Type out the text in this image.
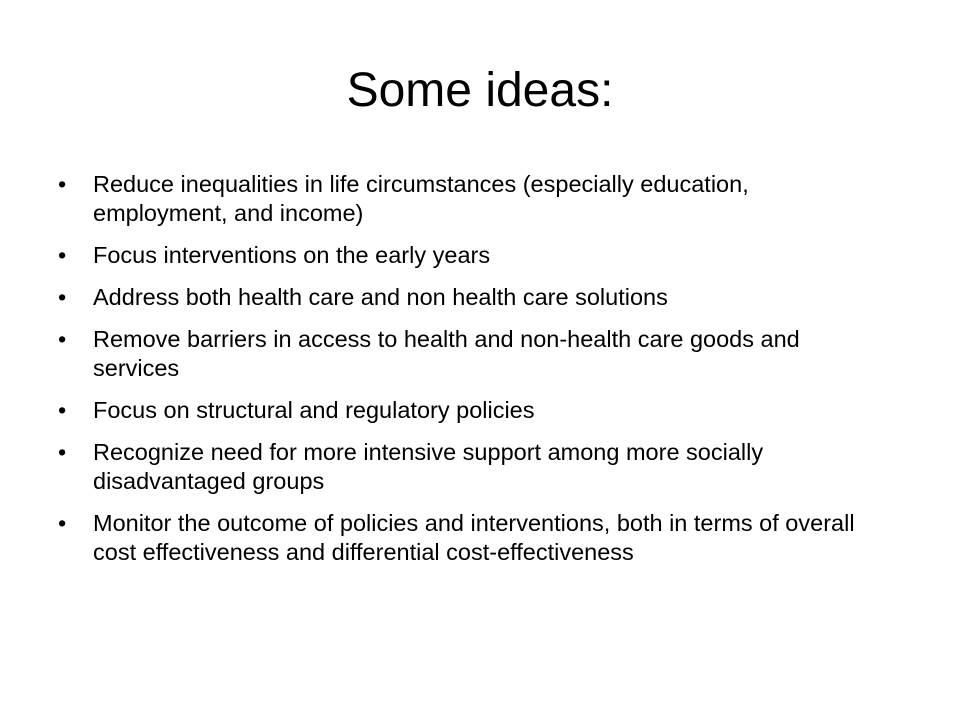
Some ideas:
•	Reduce inequalities in life circumstances (especially education, employment, and income)
•	Focus interventions on the early years
•	Address both health care and non health care solutions
•	Remove barriers in access to health and non-health care goods and services
•	Focus on structural and regulatory policies
•	Recognize need for more intensive support among more socially disadvantaged groups
•	Monitor the outcome of policies and interventions, both in terms of overall cost effectiveness and differential cost-effectiveness
